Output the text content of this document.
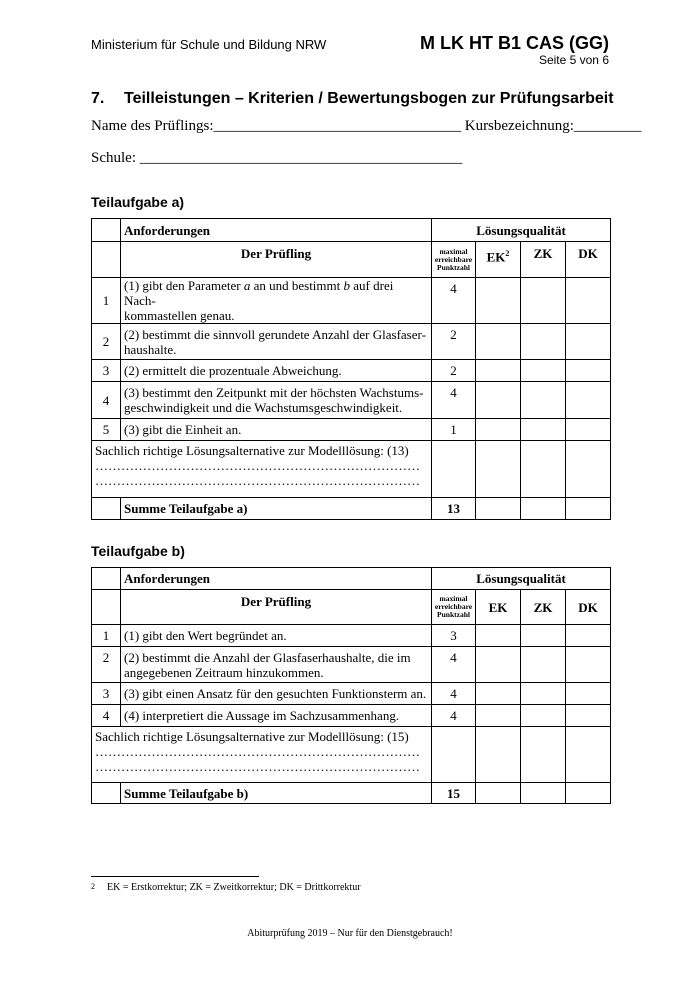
Ministerium für Schule und Bildung NRW	M LK HT B1 CAS (GG)
Seite 5 von 6
7. Teilleistungen – Kriterien / Bewertungsbogen zur Prüfungsarbeit
Name des Prüflings:_________________________________ Kursbezeichnung:_________
Schule: ___________________________________________
Teilaufgabe a)
	Anforderungen	Lösungsqualität			
	Der Prüfling	maximal
erreichbare
Punktzahl	$EK^2$	ZK	DK
1	(1) gibt den Parameter a an und bestimmt b auf drei Nach-
kommastellen genau.	4			
2	(2) bestimmt die sinnvoll gerundete Anzahl der Glasfaser-
haushalte.	2			
3	(2) ermittelt die prozentuale Abweichung.	2			
4	(3) bestimmt den Zeitpunkt mit der höchsten Wachstums-
geschwindigkeit und die Wachstumsgeschwindigkeit.	4			
5	(3) gibt die Einheit an.	1			

Sachlich richtige Lösungsalternative zur Modelllösung: (13)
…………………………………………………………………
…………………………………………………………………					

	Summe Teilaufgabe a)	13			
Teilaufgabe b)
	Anforderungen	Lösungsqualität			
	Der Prüfling	maximal
erreichbare
Punktzahl	EK	ZK	DK
1	(1) gibt den Wert begründet an.	3			
2	(2) bestimmt die Anzahl der Glasfaserhaushalte, die im
angegebenen Zeitraum hinzukommen.	4			
3	(3) gibt einen Ansatz für den gesuchten Funktionsterm an.	4			
4	(4) interpretiert die Aussage im Sachzusammenhang.	4			

Sachlich richtige Lösungsalternative zur Modelllösung: (15)
…………………………………………………………………
…………………………………………………………………					

	Summe Teilaufgabe b)	15			
2 EK = Erstkorrektur; ZK = Zweitkorrektur; DK = Drittkorrektur
Abiturprüfung 2019 – Nur für den Dienstgebrauch!
